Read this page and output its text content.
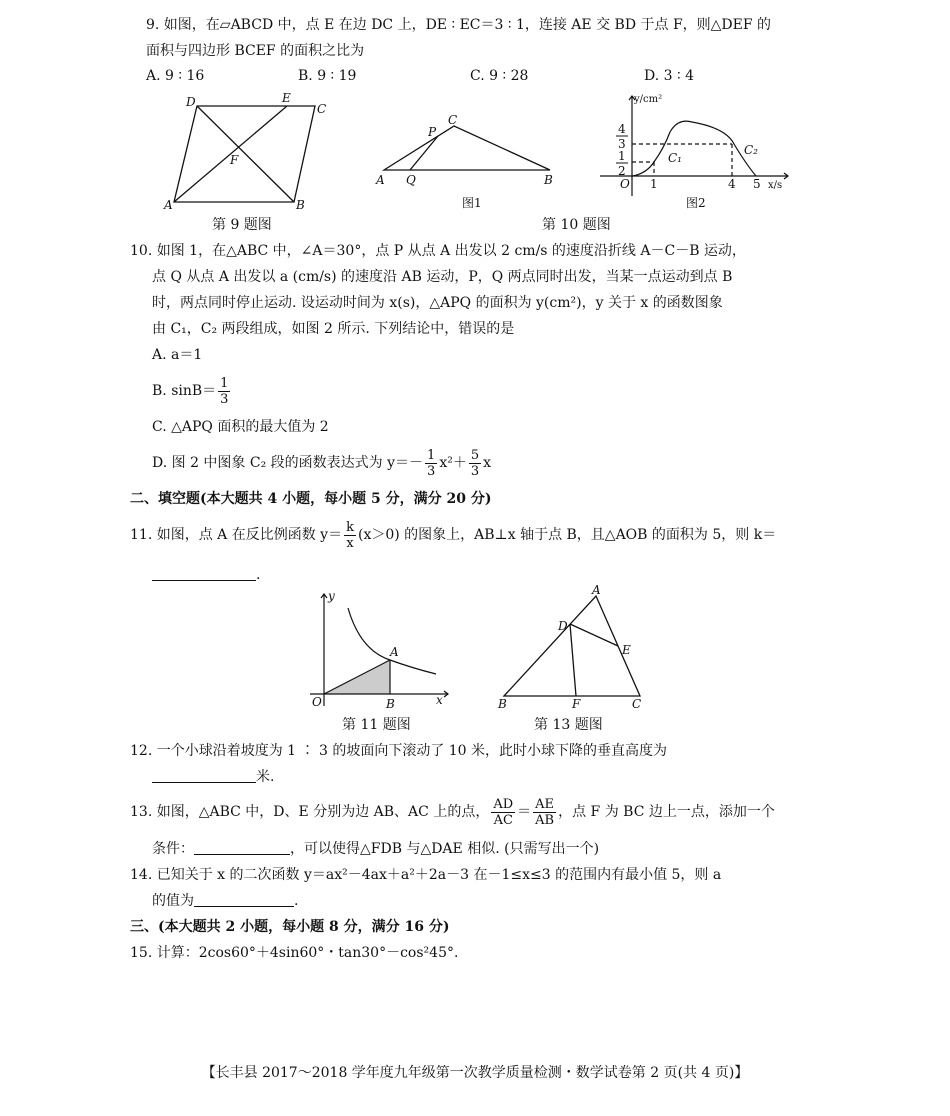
9. 如图，在▱ABCD 中，点 E 在边 DC 上，DE ∶ EC＝3 ∶ 1，连接 AE 交 BD 于点 F，则△DEF 的
面积与四边形 BCEF 的面积之比为
A. 9 ∶ 16	B. 9 ∶ 19	C. 9 ∶ 28	D. 3 ∶ 4
D	E
C
A	B
F
第 9 题图
A Q
P
C
B
图1
y/cm²
x/s
O 1	4 5
4
3
1
2
C₁
C₂
图2
第 10 题图
10. 如图 1，在△ABC 中，∠A＝30°，点 P 从点 A 出发以 2 cm/s 的速度沿折线 A－C－B 运动，
点 Q 从点 A 出发以 a (cm/s) 的速度沿 AB 运动，P，Q 两点同时出发，当某一点运动到点 B
时，两点同时停止运动. 设运动时间为 x(s)，△APQ 的面积为 y(cm²)，y 关于 x 的函数图象
由 C₁，C₂ 两段组成，如图 2 所示. 下列结论中，错误的是
A. a＝1
B. $\sin B= \frac{1}{3}$
C. △APQ 面积的最大值为 2
D. 图 2 中图象 C₂ 段的函数表达式为 $y=- \frac{1}{3} x^2+ \frac{5}{3}$ x
二、填空题(本大题共 4 小题，每小题 5 分，满分 20 分)
11. 如图，点 A 在反比例函数 $y= \frac{k}{x} (x>0)$ 的图象上，AB⊥x 轴于点 B，且△AOB 的面积为 5，则 k＝
.
y
x
O
A
B
第 11 题图
A
D
E
B	F	C
第 13 题图
12. 一个小球沿着坡度为 1 ∶ 3 的坡面向下滚动了 10 米，此时小球下降的垂直高度为
米.
13. 如图，△ABC 中，D、E 分别为边 AB、AC 上的点， $\frac{AD}{AC} = \frac{AE}{AB}$ ，点 F 为 BC 边上一点，添加一个
条件：	，可以使得△FDB 与△DAE 相似. (只需写出一个)
14. 已知关于 x 的二次函数 y＝ax²－4ax＋a²＋2a－3 在－1≤x≤3 的范围内有最小值 5，则 a
的值为	.
三、(本大题共 2 小题，每小题 8 分，满分 16 分)
15. 计算：2cos60°＋4sin60°・tan30°－cos²45°.
【长丰县 2017～2018 学年度九年级第一次教学质量检测・数学试卷第 2 页(共 4 页)】
